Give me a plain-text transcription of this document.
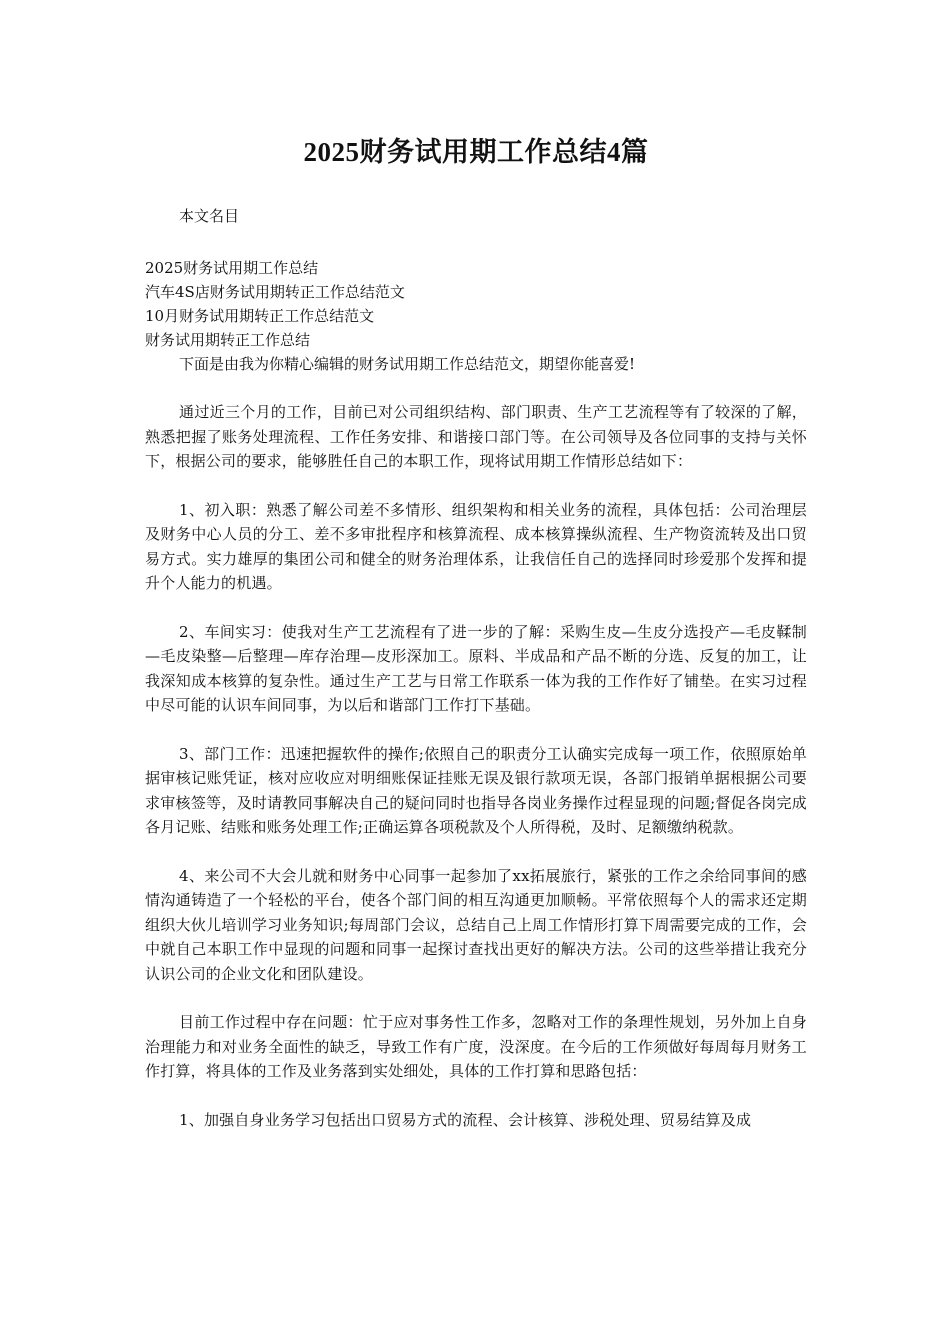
2025财务试用期工作总结4篇

本文名目

2025财务试用期工作总结
汽车4S店财务试用期转正工作总结范文
10月财务试用期转正工作总结范文
财务试用期转正工作总结

下面是由我为你精心编辑的财务试用期工作总结范文，期望你能喜爱!

通过近三个月的工作，目前已对公司组织结构、部门职责、生产工艺流程等有了较深的了解，熟悉把握了账务处理流程、工作任务安排、和谐接口部门等。在公司领导及各位同事的支持与关怀下，根据公司的要求，能够胜任自己的本职工作，现将试用期工作情形总结如下：

1、初入职：熟悉了解公司差不多情形、组织架构和相关业务的流程，具体包括：公司治理层及财务中心人员的分工、差不多审批程序和核算流程、成本核算操纵流程、生产物资流转及出口贸易方式。实力雄厚的集团公司和健全的财务治理体系，让我信任自己的选择同时珍爱那个发挥和提升个人能力的机遇。

2、车间实习：使我对生产工艺流程有了进一步的了解：采购生皮—生皮分选投产—毛皮鞣制—毛皮染整—后整理—库存治理—皮形深加工。原料、半成品和产品不断的分选、反复的加工，让我深知成本核算的复杂性。通过生产工艺与日常工作联系一体为我的工作作好了铺垫。在实习过程中尽可能的认识车间同事，为以后和谐部门工作打下基础。

3、部门工作：迅速把握软件的操作;依照自己的职责分工认确实完成每一项工作，依照原始单据审核记账凭证，核对应收应对明细账保证挂账无误及银行款项无误，各部门报销单据根据公司要求审核签等，及时请教同事解决自己的疑问同时也指导各岗业务操作过程显现的问题;督促各岗完成各月记账、结账和账务处理工作;正确运算各项税款及个人所得税，及时、足额缴纳税款。

4、来公司不大会儿就和财务中心同事一起参加了xx拓展旅行，紧张的工作之余给同事间的感情沟通铸造了一个轻松的平台，使各个部门间的相互沟通更加顺畅。平常依照每个人的需求还定期组织大伙儿培训学习业务知识;每周部门会议，总结自己上周工作情形打算下周需要完成的工作，会中就自己本职工作中显现的问题和同事一起探讨查找出更好的解决方法。公司的这些举措让我充分认识公司的企业文化和团队建设。

目前工作过程中存在问题：忙于应对事务性工作多，忽略对工作的条理性规划，另外加上自身治理能力和对业务全面性的缺乏，导致工作有广度，没深度。在今后的工作须做好每周每月财务工作打算，将具体的工作及业务落到实处细处，具体的工作打算和思路包括：

1、加强自身业务学习包括出口贸易方式的流程、会计核算、涉税处理、贸易结算及成
